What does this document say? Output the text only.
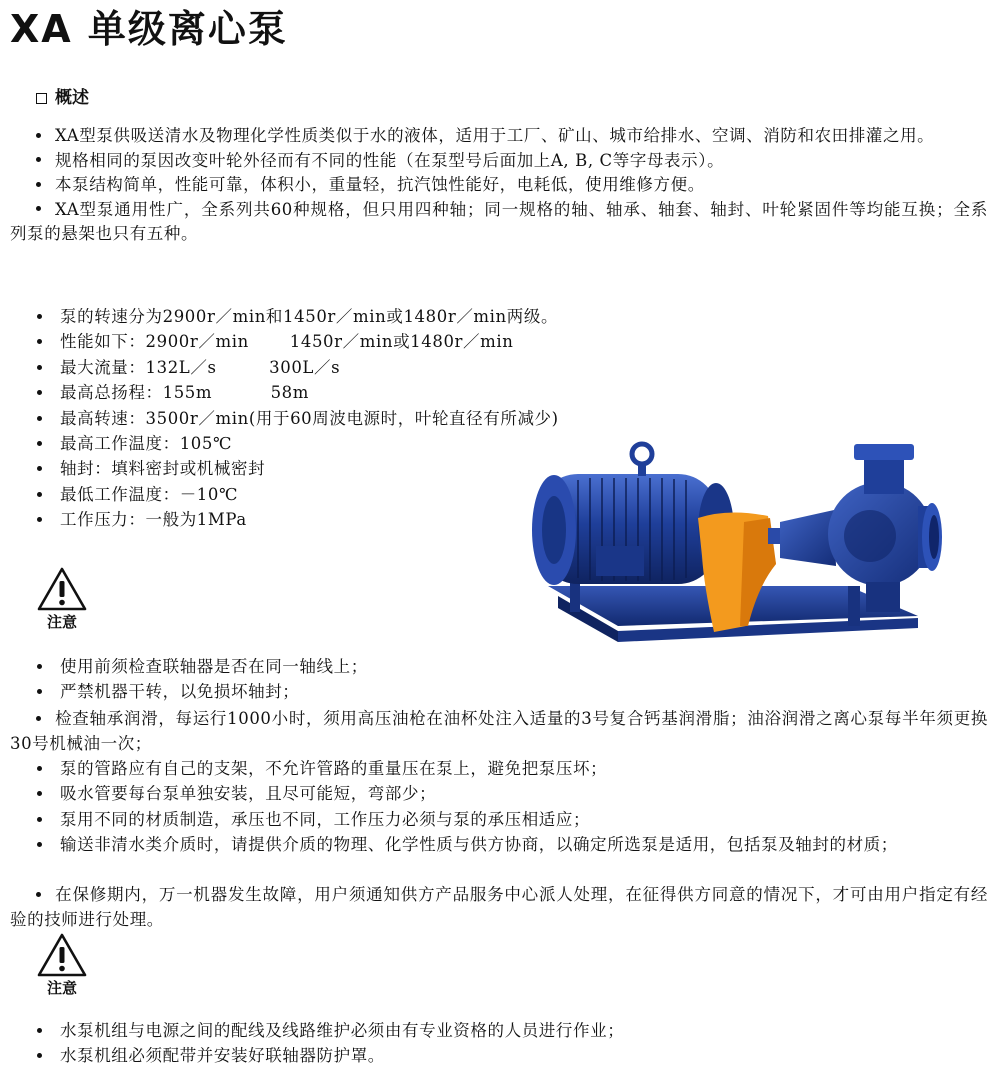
XA 单级离心泵
概述

XA型泵供吸送清水及物理化学性质类似于水的液体，适用于工厂、矿山、城市给排水、空调、消防和农田排灌之用。

规格相同的泵因改变叶轮外径而有不同的性能（在泵型号后面加上A, B, C等字母表示）。

本泵结构简单，性能可靠，体积小，重量轻，抗汽蚀性能好，电耗低，使用维修方便。

XA型泵通用性广，全系列共60种规格，但只用四种轴；同一规格的轴、轴承、轴套、轴封、叶轮紧固件等均能互换；全系列泵的悬架也只有五种。

泵的转速分为2900r／min和1450r／min或1480r／min两级。
性能如下：2900r／min       1450r／min或1480r／min
最大流量：132L／s         300L／s
最高总扬程：155m          58m
最高转速：3500r／min(用于60周波电源时，叶轮直径有所减少)
最高工作温度：105℃
轴封：填料密封或机械密封
最低工作温度：－10℃
工作压力：一般为1MPa
注意
使用前须检查联轴器是否在同一轴线上；
严禁机器干转，以免损坏轴封；

检查轴承润滑，每运行1000小时，须用高压油枪在油杯处注入适量的3号复合钙基润滑脂；油浴润滑之离心泵每半年须更换30号机械油一次；

泵的管路应有自己的支架，不允许管路的重量压在泵上，避免把泵压坏；
吸水管要每台泵单独安装，且尽可能短，弯部少；
泵用不同的材质制造，承压也不同，工作压力必须与泵的承压相适应；
输送非清水类介质时，请提供介质的物理、化学性质与供方协商，以确定所选泵是适用，包括泵及轴封的材质；

在保修期内，万一机器发生故障，用户须通知供方产品服务中心派人处理，在征得供方同意的情况下，才可由用户指定有经验的技师进行处理。

注意
水泵机组与电源之间的配线及线路维护必须由有专业资格的人员进行作业；
水泵机组必须配带并安装好联轴器防护罩。
